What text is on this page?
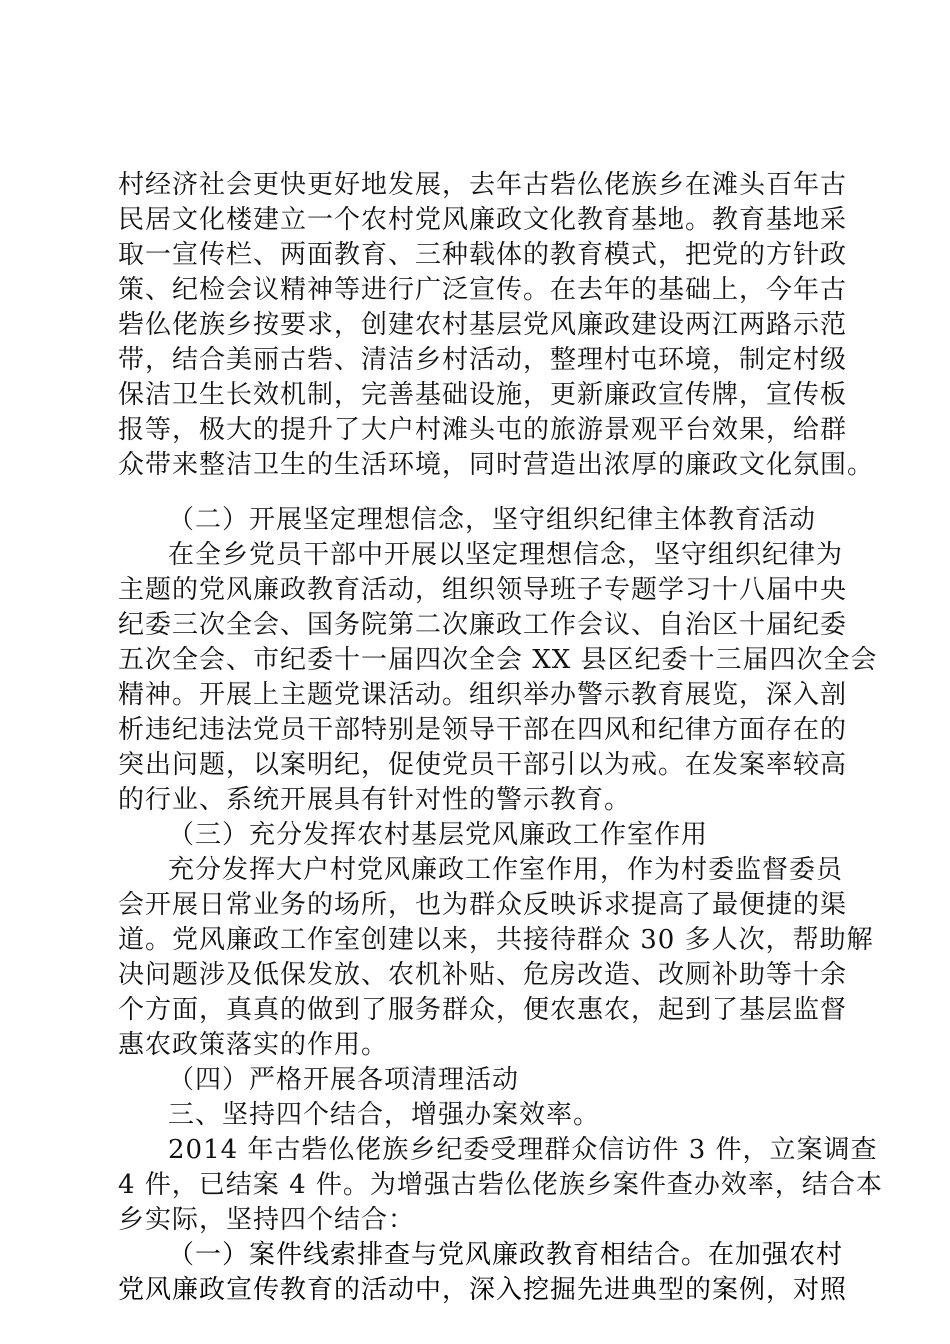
村经济社会更快更好地发展，去年古砦仫佬族乡在滩头百年古
民居文化楼建立一个农村党风廉政文化教育基地。教育基地采
取一宣传栏、两面教育、三种载体的教育模式，把党的方针政
策、纪检会议精神等进行广泛宣传。在去年的基础上，今年古
砦仫佬族乡按要求，创建农村基层党风廉政建设两江两路示范
带，结合美丽古砦、清洁乡村活动，整理村屯环境，制定村级
保洁卫生长效机制，完善基础设施，更新廉政宣传牌，宣传板
报等，极大的提升了大户村滩头屯的旅游景观平台效果，给群
众带来整洁卫生的生活环境，同时营造出浓厚的廉政文化氛围。
（二）开展坚定理想信念，坚守组织纪律主体教育活动
在全乡党员干部中开展以坚定理想信念，坚守组织纪律为
主题的党风廉政教育活动，组织领导班子专题学习十八届中央
纪委三次全会、国务院第二次廉政工作会议、自治区十届纪委
五次全会、市纪委十一届四次全会 XX 县区纪委十三届四次全会
精神。开展上主题党课活动。组织举办警示教育展览，深入剖
析违纪违法党员干部特别是领导干部在四风和纪律方面存在的
突出问题，以案明纪，促使党员干部引以为戒。在发案率较高
的行业、系统开展具有针对性的警示教育。
（三）充分发挥农村基层党风廉政工作室作用
充分发挥大户村党风廉政工作室作用，作为村委监督委员
会开展日常业务的场所，也为群众反映诉求提高了最便捷的渠
道。党风廉政工作室创建以来，共接待群众 30 多人次，帮助解
决问题涉及低保发放、农机补贴、危房改造、改厕补助等十余
个方面，真真的做到了服务群众，便农惠农，起到了基层监督
惠农政策落实的作用。
（四）严格开展各项清理活动
三、坚持四个结合，增强办案效率。
2014 年古砦仫佬族乡纪委受理群众信访件 3 件，立案调查
4 件，已结案 4 件。为增强古砦仫佬族乡案件查办效率，结合本
乡实际，坚持四个结合：
（一）案件线索排查与党风廉政教育相结合。在加强农村
党风廉政宣传教育的活动中，深入挖掘先进典型的案例，对照
